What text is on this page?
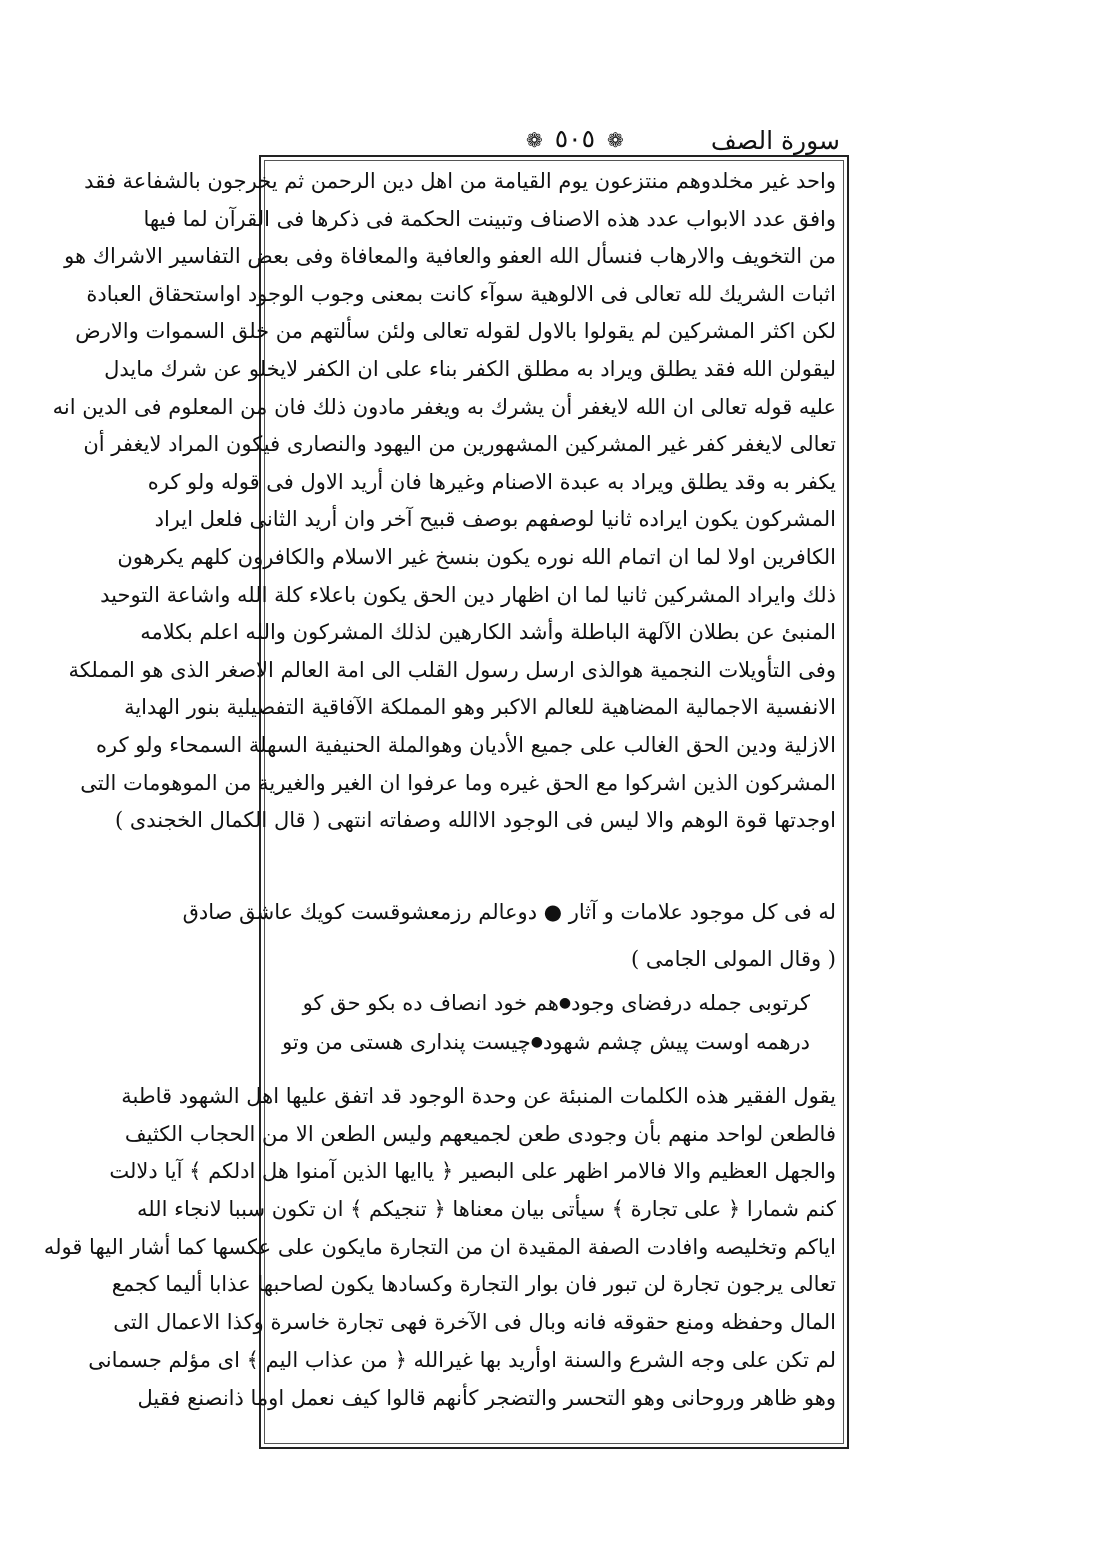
سورة الصف
❁ ٥٠٥ ❁
واحد غير مخلدوهم منتزعون يوم القيامة من اهل دين الرحمن ثم يخرجون بالشفاعة فقد
وافق عدد الابواب عدد هذه الاصناف وتبينت الحكمة فى ذكرها فى القرآن لما فيها
من التخويف والارهاب فنسأل الله العفو والعافية والمعافاة وفى بعض التفاسير الاشراك هو
اثبات الشريك لله تعالى فى الالوهية سوآء كانت بمعنى وجوب الوجود اواستحقاق العبادة
لكن اكثر المشركين لم يقولوا بالاول لقوله تعالى ولئن سألتهم من خلق السموات والارض
ليقولن الله فقد يطلق ويراد به مطلق الكفر بناء على ان الكفر لايخلو عن شرك مايدل
عليه قوله تعالى ان الله لايغفر أن يشرك به ويغفر مادون ذلك فان من المعلوم فى الدين انه
تعالى لايغفر كفر غير المشركين المشهورين من اليهود والنصارى فيكون المراد لايغفر أن
يكفر به وقد يطلق ويراد به عبدة الاصنام وغيرها فان أريد الاول فى قوله ولو كره
المشركون يكون ايراده ثانيا لوصفهم بوصف قبيح آخر وان أريد الثانى فلعل ايراد
الكافرين اولا لما ان اتمام الله نوره يكون بنسخ غير الاسلام والكافرون كلهم يكرهون
ذلك وايراد المشركين ثانيا لما ان اظهار دين الحق يكون باعلاء كلة الله واشاعة التوحيد
المنبئ عن بطلان الآلهة الباطلة وأشد الكارهين لذلك المشركون والله اعلم بكلامه
وفى التأويلات النجمية هوالذى ارسل رسول القلب الى امة العالم الاصغر الذى هو المملكة
الانفسية الاجمالية المضاهية للعالم الاكبر وهو المملكة الآفاقية التفصيلية بنور الهداية
الازلية ودين الحق الغالب على جميع الأديان وهوالملة الحنيفية السهلة السمحاء ولو كره
المشركون الذين اشركوا مع الحق غيره وما عرفوا ان الغير والغيرية من الموهومات التى
اوجدتها قوة الوهم والا ليس فى الوجود الاالله وصفاته انتهى ( قال الكمال الخجندى )
له فى كل موجود علامات و آثار ● دوعالم رزمعشوقست كويك عاشق صادق
( وقال المولى الجامى )
كرتوبى جمله درفضاى وجود
●
هم خود انصاف ده بكو حق كو
درهمه اوست پيش چشم شهود
●
چيست پندارى هستى من وتو
يقول الفقير هذه الكلمات المنبئة عن وحدة الوجود قد اتفق عليها اهل الشهود قاطبة
فالطعن لواحد منهم بأن وجودى طعن لجميعهم وليس الطعن الا من الحجاب الكثيف
والجهل العظيم والا فالامر اظهر على البصير ﴿ ياايها الذين آمنوا هل ادلكم ﴾ آيا دلالت
كنم شمارا ﴿ على تجارة ﴾ سيأتى بيان معناها ﴿ تنجيكم ﴾ ان تكون سببا لانجاء الله
اياكم وتخليصه وافادت الصفة المقيدة ان من التجارة مايكون على عكسها كما أشار اليها قوله
تعالى يرجون تجارة لن تبور فان بوار التجارة وكسادها يكون لصاحبها عذابا أليما كجمع
المال وحفظه ومنع حقوقه فانه وبال فى الآخرة فهى تجارة خاسرة وكذا الاعمال التى
لم تكن على وجه الشرع والسنة اوأريد بها غيرالله ﴿ من عذاب اليم ﴾ اى مؤلم جسمانى
وهو ظاهر وروحانى وهو التحسر والتضجر كأنهم قالوا كيف نعمل اوما ذانصنع فقيل
